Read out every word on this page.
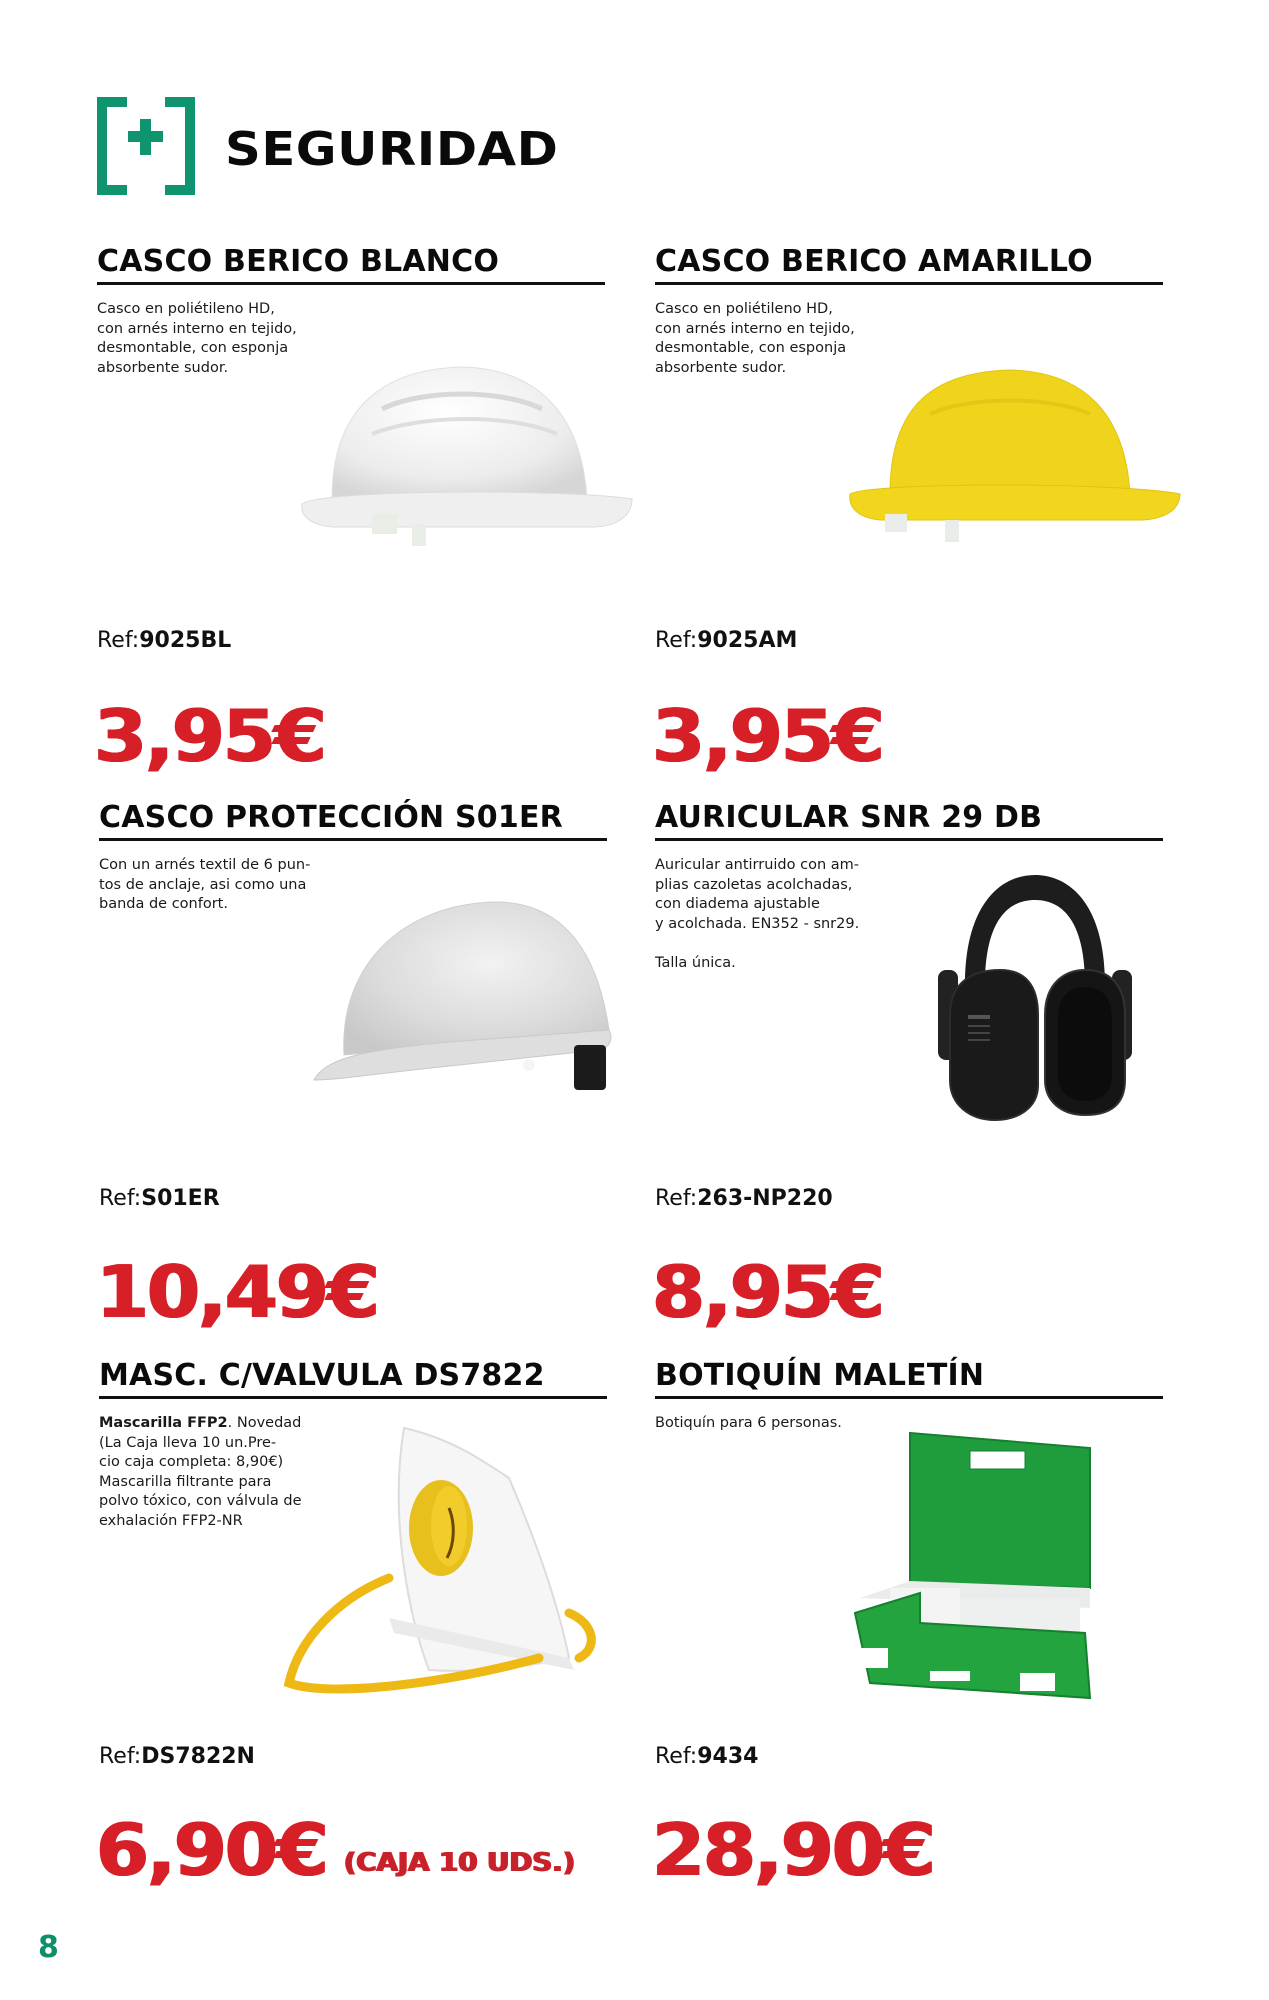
SEGURIDAD
CASCO BERICO BLANCO
Casco en poliétileno HD,
con arnés interno en tejido,
desmontable, con esponja
absorbente sudor.
Ref:9025BL
3,95€
CASCO BERICO AMARILLO
Casco en poliétileno HD,
con arnés interno en tejido,
desmontable, con esponja
absorbente sudor.
Ref:9025AM
3,95€
CASCO PROTECCIÓN S01ER
Con un arnés textil de 6 pun-
tos de anclaje, asi como una
banda de confort.
Ref:S01ER
10,49€
AURICULAR SNR 29 DB
Auricular antirruido con am-
plias cazoletas acolchadas,
con diadema ajustable
y acolchada. EN352 - snr29.
Talla única.
Ref:263-NP220
8,95€
MASC. C/VALVULA DS7822
Mascarilla FFP2. Novedad
(La Caja lleva 10 un.Pre-
cio caja completa: 8,90€)
Mascarilla filtrante para
polvo tóxico, con válvula de
exhalación FFP2-NR
Ref:DS7822N
6,90€ (CAJA 10 UDS.)
BOTIQUÍN MALETÍN
Botiquín para 6 personas.
Ref:9434
28,90€
8
